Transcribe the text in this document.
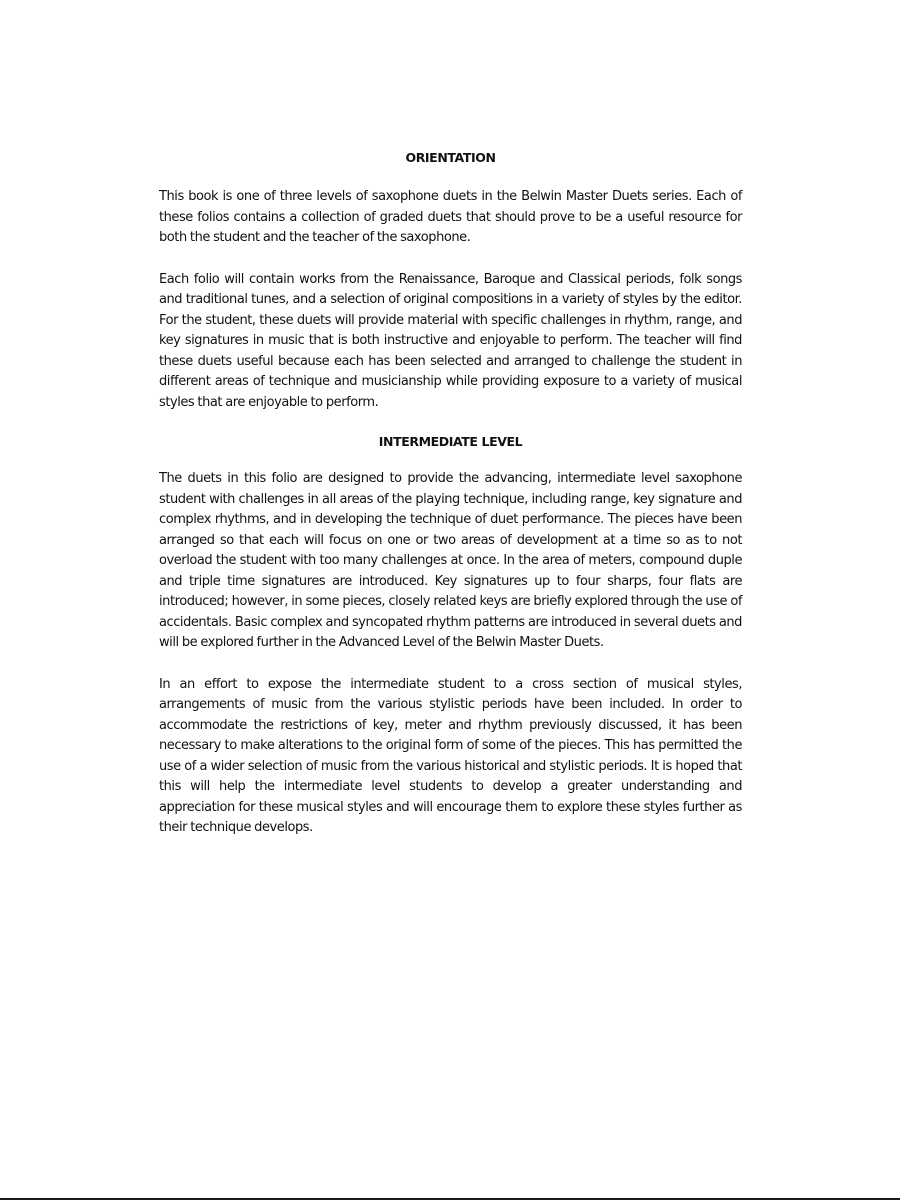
ORIENTATION

This book is one of three levels of saxophone duets in the Belwin Master Duets series. Each of these folios contains a collection of graded duets that should prove to be a useful resource for both the student and the teacher of the saxophone.

Each folio will contain works from the Renaissance, Baroque and Classical periods, folk songs and traditional tunes, and a selection of original compositions in a variety of styles by the editor. For the student, these duets will provide material with specific challenges in rhythm, range, and key signatures in music that is both instructive and enjoyable to perform. The teacher will find these duets useful because each has been selected and arranged to challenge the student in different areas of technique and musicianship while providing exposure to a variety of musical styles that are enjoyable to perform.

INTERMEDIATE LEVEL

The duets in this folio are designed to provide the advancing, intermediate level saxophone student with challenges in all areas of the playing technique, including range, key signature and complex rhythms, and in developing the technique of duet performance. The pieces have been arranged so that each will focus on one or two areas of development at a time so as to not overload the student with too many challenges at once. In the area of meters, compound duple and triple time signatures are introduced. Key signatures up to four sharps, four flats are introduced; however, in some pieces, closely related keys are briefly explored through the use of accidentals. Basic complex and syncopated rhythm patterns are introduced in several duets and will be explored further in the Advanced Level of the Belwin Master Duets.

In an effort to expose the intermediate student to a cross section of musical styles, arrangements of music from the various stylistic periods have been included. In order to accommodate the restrictions of key, meter and rhythm previously discussed, it has been necessary to make alterations to the original form of some of the pieces. This has permitted the use of a wider selection of music from the various historical and stylistic periods. It is hoped that this will help the intermediate level students to develop a greater understanding and appreciation for these musical styles and will encourage them to explore these styles further as their technique develops.
